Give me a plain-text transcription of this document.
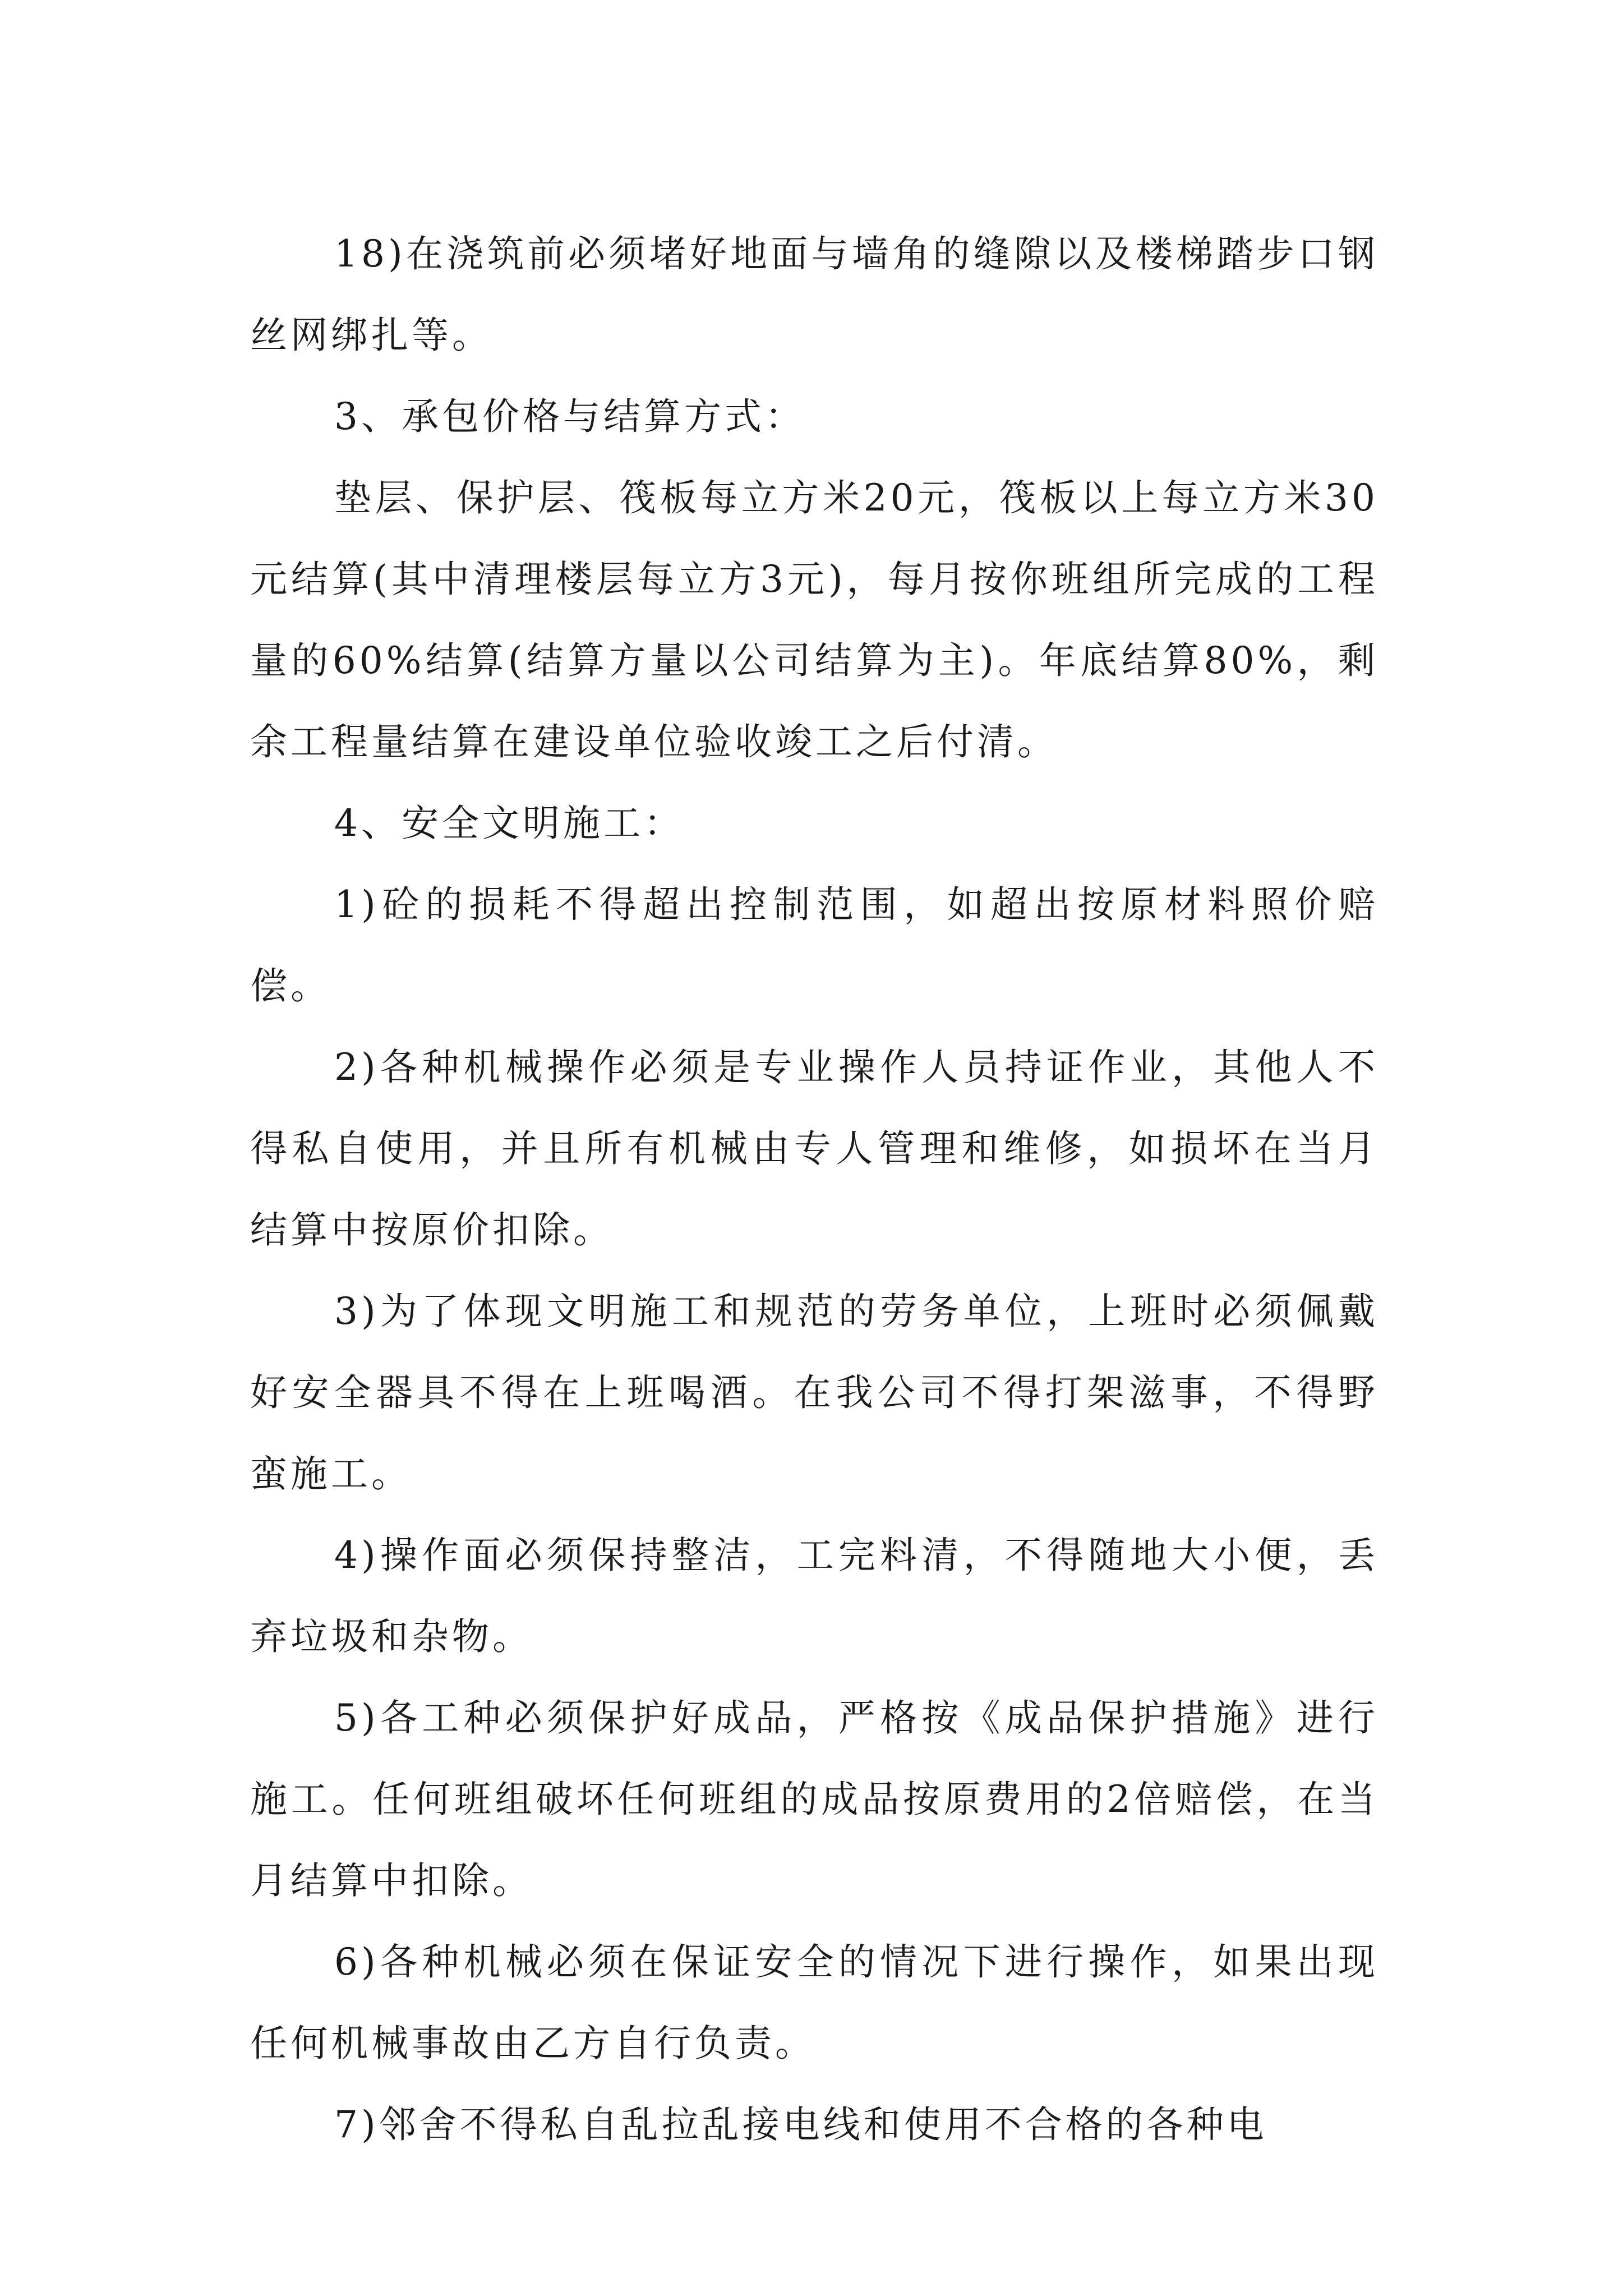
18)在浇筑前必须堵好地面与墙角的缝隙以及楼梯踏步口钢丝网绑扎等。

3、承包价格与结算方式：

垫层、保护层、筏板每立方米20元，筏板以上每立方米30元结算(其中清理楼层每立方3元)，每月按你班组所完成的工程量的60%结算(结算方量以公司结算为主)。年底结算80%，剩余工程量结算在建设单位验收竣工之后付清。

4、安全文明施工：

1)砼的损耗不得超出控制范围，如超出按原材料照价赔偿。

2)各种机械操作必须是专业操作人员持证作业，其他人不得私自使用，并且所有机械由专人管理和维修，如损坏在当月结算中按原价扣除。

3)为了体现文明施工和规范的劳务单位，上班时必须佩戴好安全器具不得在上班喝酒。在我公司不得打架滋事，不得野蛮施工。

4)操作面必须保持整洁，工完料清，不得随地大小便，丢弃垃圾和杂物。

5)各工种必须保护好成品，严格按《成品保护措施》进行施工。任何班组破坏任何班组的成品按原费用的2倍赔偿，在当月结算中扣除。

6)各种机械必须在保证安全的情况下进行操作，如果出现任何机械事故由乙方自行负责。

7)邻舍不得私自乱拉乱接电线和使用不合格的各种电
